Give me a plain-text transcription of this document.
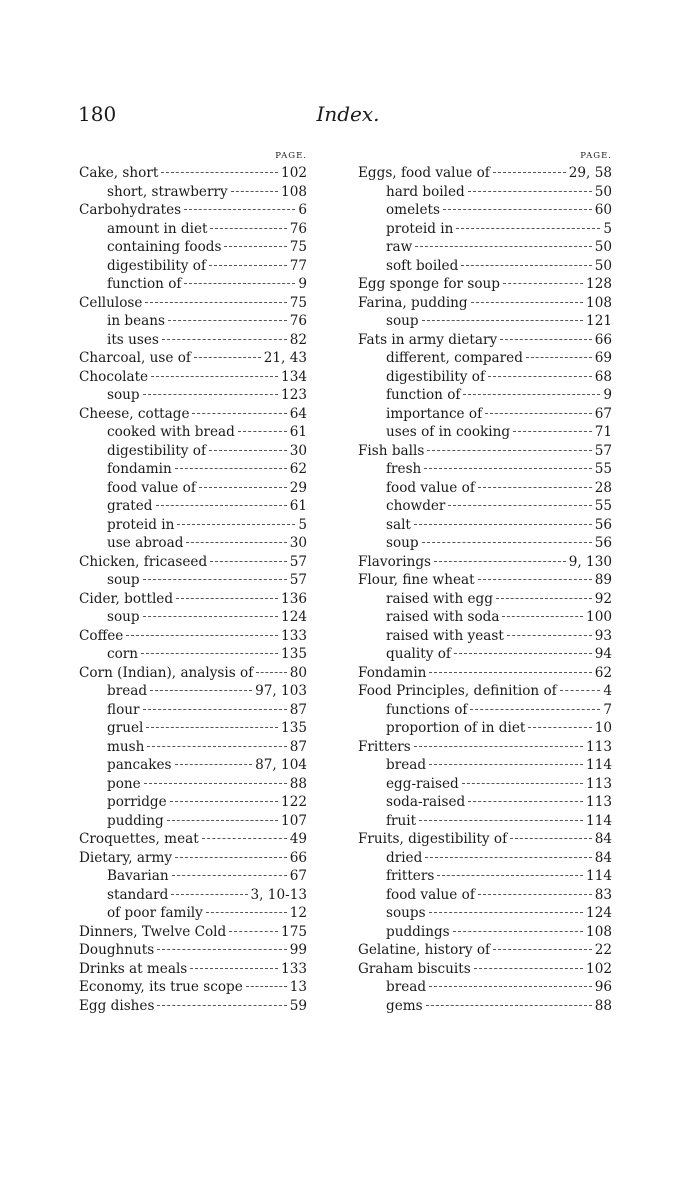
180	Index.
PAGE.
Cake, short	102
short, strawberry	108
Carbohydrates	6
amount in diet	76
containing foods	75
digestibility of	77
function of	9
Cellulose	75
in beans	76
its uses	82
Charcoal, use of	21, 43
Chocolate	134
soup	123
Cheese, cottage	64
cooked with bread	61
digestibility of	30
fondamin	62
food value of	29
grated	61
proteid in	5
use abroad	30
Chicken, fricaseed	57
soup	57
Cider, bottled	136
soup	124
Coffee	133
corn	135
Corn (Indian), analysis of	80
bread	97, 103
flour	87
gruel	135
mush	87
pancakes	87, 104
pone	88
porridge	122
pudding	107
Croquettes, meat	49
Dietary, army	66
Bavarian	67
standard	3, 10-13
of poor family	12
Dinners, Twelve Cold	175
Doughnuts	99
Drinks at meals	133
Economy, its true scope	13
Egg dishes	59
PAGE.
Eggs, food value of	29, 58
hard boiled	50
omelets	60
proteid in	5
raw	50
soft boiled	50
Egg sponge for soup	128
Farina, pudding	108
soup	121
Fats in army dietary	66
different, compared	69
digestibility of	68
function of	9
importance of	67
uses of in cooking	71
Fish balls	57
fresh	55
food value of	28
chowder	55
salt	56
soup	56
Flavorings	9, 130
Flour, fine wheat	89
raised with egg	92
raised with soda	100
raised with yeast	93
quality of	94
Fondamin	62
Food Principles, definition of	4
functions of	7
proportion of in diet	10
Fritters	113
bread	114
egg-raised	113
soda-raised	113
fruit	114
Fruits, digestibility of	84
dried	84
fritters	114
food value of	83
soups	124
puddings	108
Gelatine, history of	22
Graham biscuits	102
bread	96
gems	88
